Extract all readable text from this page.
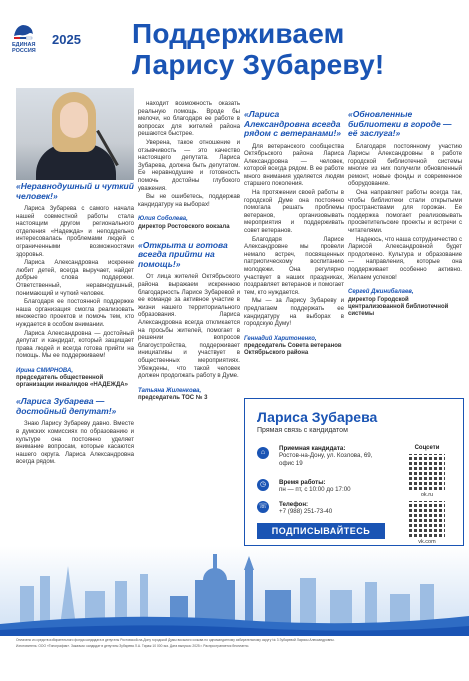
ЕДИНАЯ РОССИЯ
2025 Поддерживаем
Ларису Зубареву!
«Неравнодушный и чуткий человек!»

Лариса Зубарева с самого начала нашей совместной работы стала настоящим другом регионального отделения «Надежда» и неподдельно интересовалась проблемами людей с ограниченными возможностями здоровья.

Лариса Александровна искренне любит детей, всегда выручает, найдет добрые слова поддержки. Ответственный, неравнодушный, понимающий и чуткий человек.

Благодаря ее постоянной поддержке наша организация смогла реализовать множество проектов и помочь тем, кто нуждается в особом внимании.

Лариса Александровна — достойный депутат и кандидат, который защищает права людей и всегда готова прийти на помощь. Мы ее поддерживаем!

Ирина СМИРНОВА,
председатель общественной организации инвалидов «НАДЕЖДА»
«Лариса Зубарева — достойный депутат!»

Знаю Ларису Зубареву давно. Вместе в думских комиссиях по образованию и культуре она постоянно уделяет внимание вопросам, которые касаются нашего округа. Лариса Александровна всегда рядом.

находит возможность оказать реальную помощь. Вроде бы мелочи, но благодаря ее работе в вопросах для жителей района решаются быстрее.

Уверена, такое отношение и отзывчивость — это качество настоящего депутата. Лариса Зубарева, должна быть депутатом. Ее неравнодушие и готовность помочь достойны глубокого уважения.

Вы не ошибетесь, поддержав кандидатуру на выборах!

Юлия Соболева,
директор Ростовского вокзала
«Открыта и готова всегда прийти на помощь!»

От лица жителей Октябрьского района выражаем искреннюю благодарность Ларисе Зубаревой и ее команде за активное участие в жизни нашего территориального образования. Лариса Александровна всегда откликается на просьбы жителей, помогает в решении вопросов благоустройства, поддерживает инициативы и участвует в общественных мероприятиях. Убеждены, что такой человек должен продолжать работу в Думе.

Татьяна Жиленкова,
председатель ТОС № 3
«Лариса Александровна всегда рядом с ветеранами!»

Для ветеранского сообщества Октябрьского района Лариса Александровна — человек, которой всегда рядом. В ее работе много внимания уделяется людям старшего поколения.

На протяжении своей работы в городской Думе она постоянно помогала решать проблемы ветеранов, организовывать мероприятия и поддерживать совет ветеранов.

Благодаря Ларисе Александровне мы провели немало встреч, посвященных патриотическому воспитанию молодежи. Она регулярно участвует в наших праздниках, поздравляет ветеранов и помогает тем, кто нуждается.

Мы — за Ларису Зубареву и предлагаем поддержать ее кандидатуру на выборах в городскую Думу!

Геннадий Харитоненко,
председатель Совета ветеранов Октябрьского района
«Обновленные библиотеки в городе — её заслуга!»

Благодаря постоянному участию Ларисы Александровны в работе городской библиотечной системы многие из них получили обновленный ремонт, новые фонды и современное оборудование.

Она направляет работы всегда так, чтобы библиотеки стали открытыми пространствами для горожан. Ее поддержка помогает реализовывать просветительские проекты и встречи с читателями.

Надеюсь, что наша сотрудничество с Ларисой Александровной будет продолжено. Культура и образование — направления, которые она поддерживает особенно активно. Желаем успехов!

Сергей Джинибалаев,
директор Городской централизованной библиотечной системы
Лариса Зубарева
Прямая связь с кандидатом
⌂
Приемная кандидата:
Ростов-на-Дону, ул. Козлова, 69, офис 19
◷	Время работы:
пн — пт, с 10:00 до 17:00
☏ Телефон:
+7 (988) 251-73-40
Соцсети
ok.ru
vk.com
ПОДПИСЫВАЙТЕСЬ
Оплачено из средств избирательного фонда кандидата в депутаты Ростовской-на-Дону городской Думы восьмого созыва по одномандатному избирательному округу № 3 Зубаревой Ларисы Александровны.
Изготовитель: ООО «Типография». Заказчик: кандидат в депутаты Зубарева Л.А. Тираж 10 000 экз. Дата выпуска: 2025 г. Распространяется бесплатно.
